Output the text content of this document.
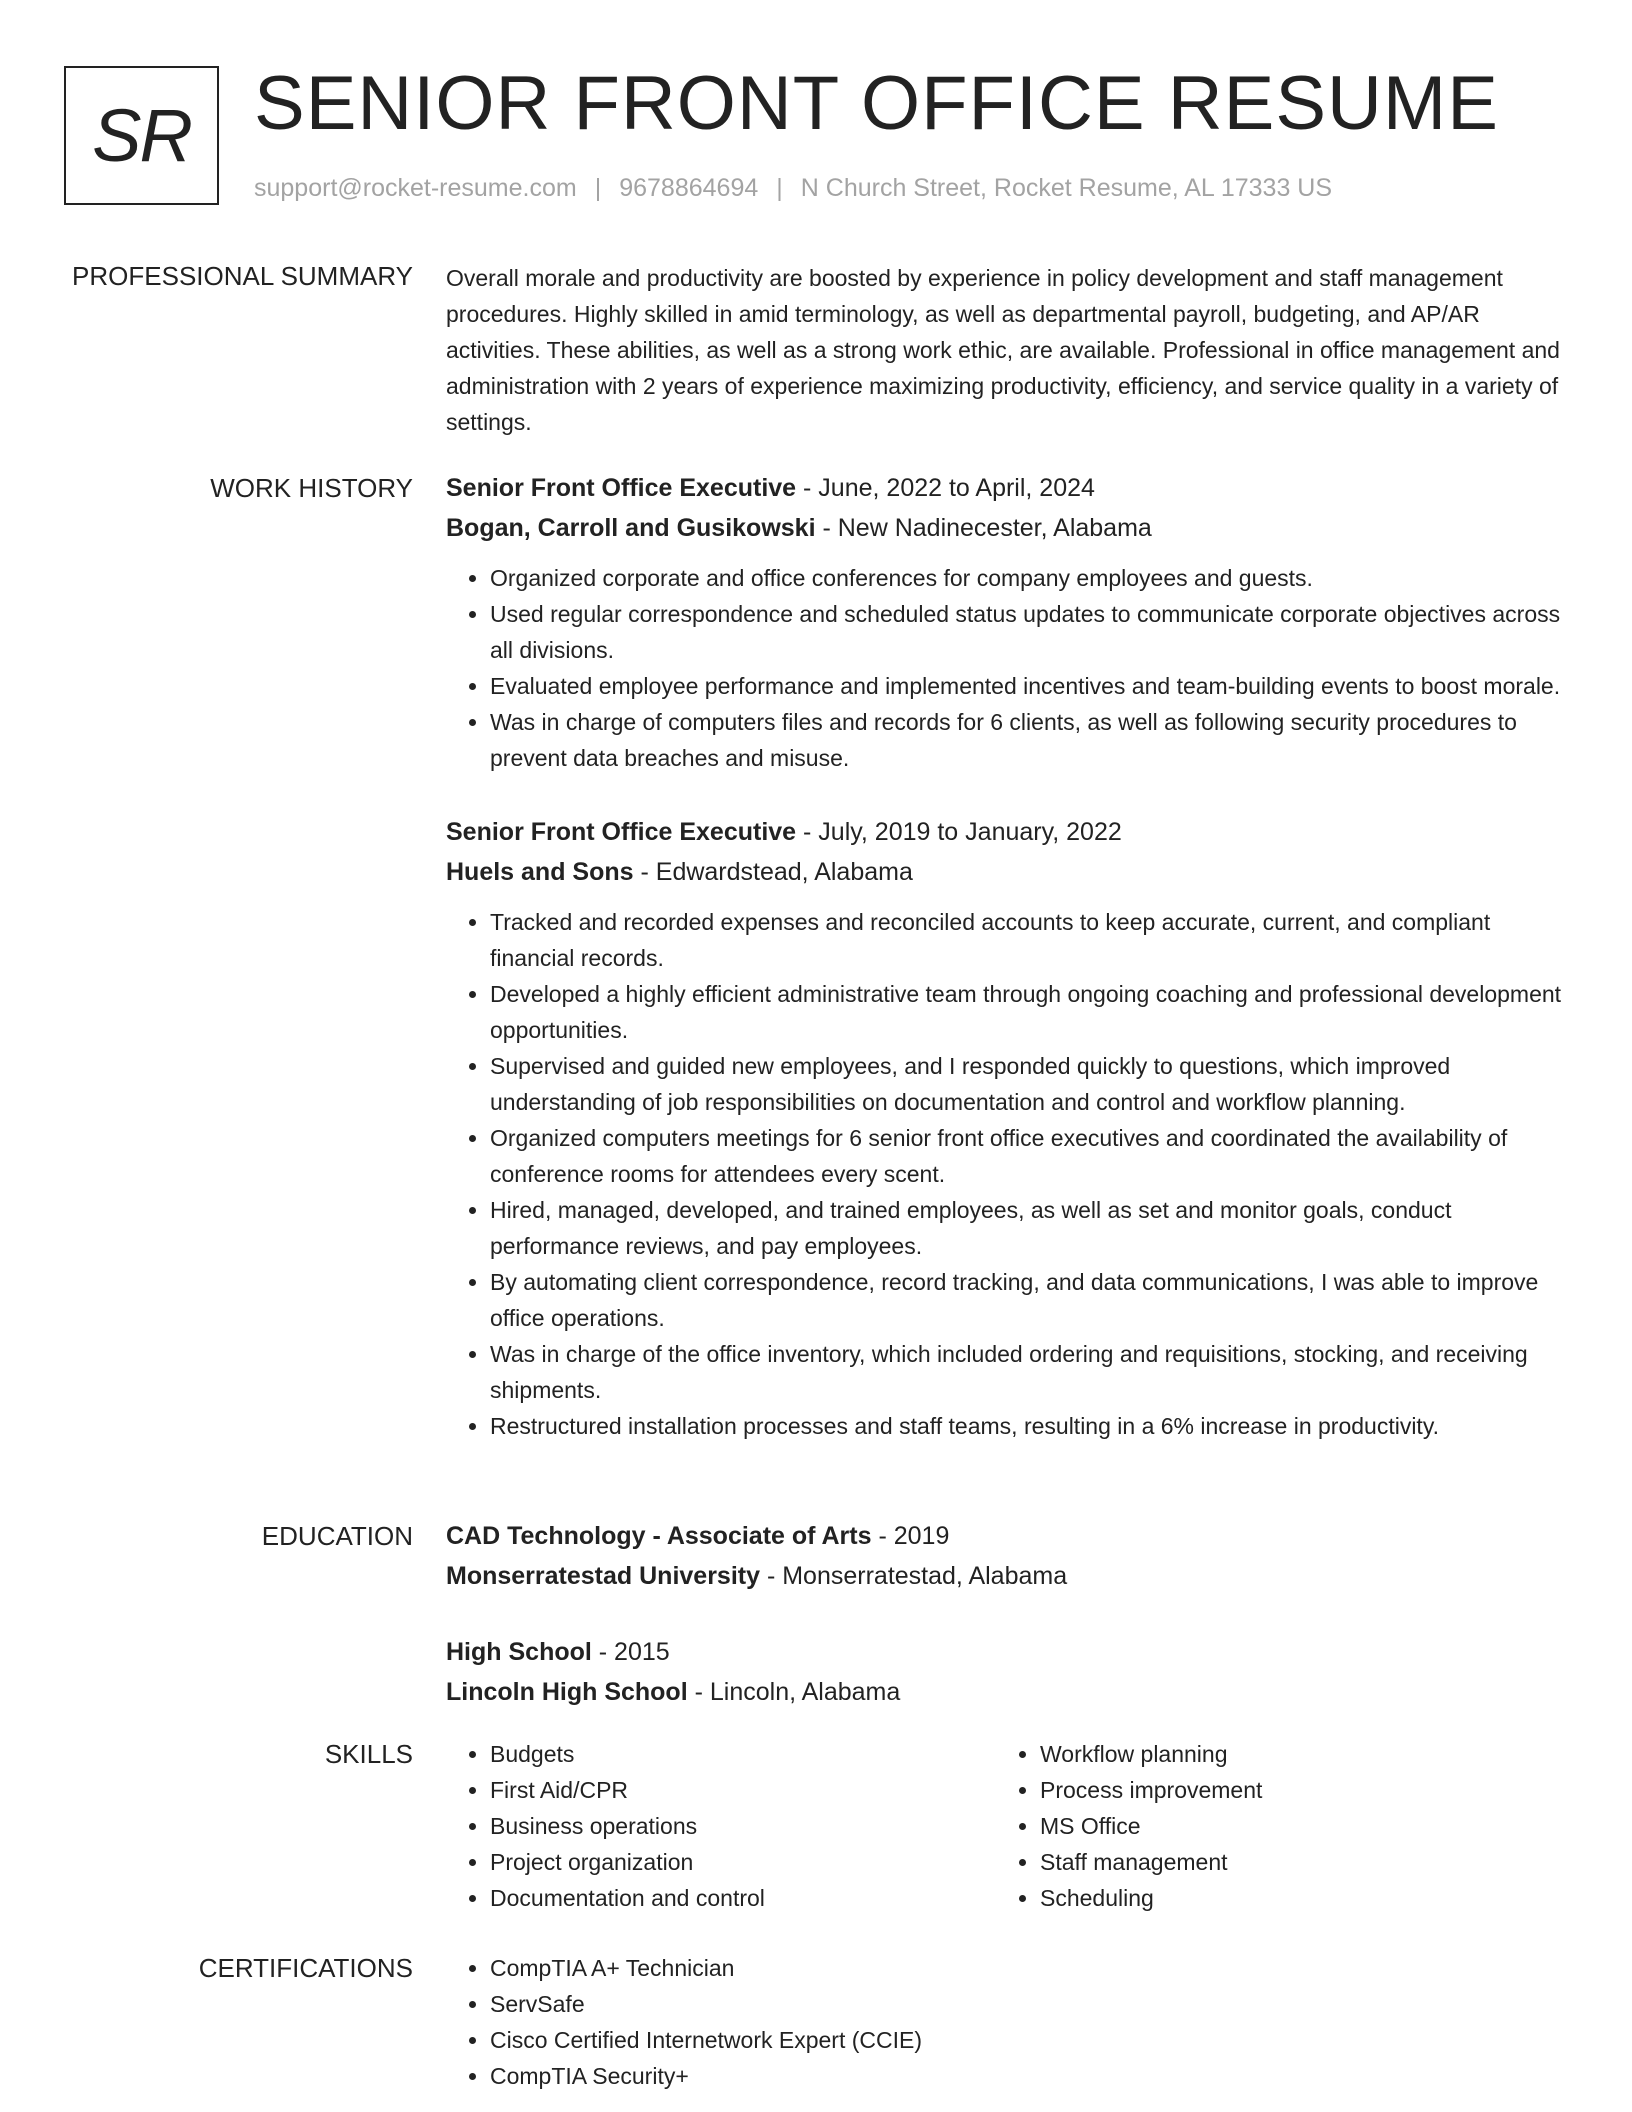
SR SENIOR FRONT OFFICE RESUME
support@rocket-resume.com | 9678864694 | N Church Street, Rocket Resume, AL 17333 US
PROFESSIONAL SUMMARY Overall morale and productivity are boosted by experience in policy development and staff management procedures. Highly skilled in amid terminology, as well as departmental payroll, budgeting, and AP/AR activities. These abilities, as well as a strong work ethic, are available. Professional in office management and administration with 2 years of experience maximizing productivity, efficiency, and service quality in a variety of settings.

WORK HISTORY Senior Front Office Executive - June, 2022 to April, 2024
Bogan, Carroll and Gusikowski - New Nadinecester, Alabama
• Organized corporate and office conferences for company employees and guests.
• Used regular correspondence and scheduled status updates to communicate corporate objectives across all divisions.
• Evaluated employee performance and implemented incentives and team-building events to boost morale.
• Was in charge of computers files and records for 6 clients, as well as following security procedures to prevent data breaches and misuse.
Senior Front Office Executive - July, 2019 to January, 2022
Huels and Sons - Edwardstead, Alabama
• Tracked and recorded expenses and reconciled accounts to keep accurate, current, and compliant financial records.
• Developed a highly efficient administrative team through ongoing coaching and professional development opportunities.
• Supervised and guided new employees, and I responded quickly to questions, which improved understanding of job responsibilities on documentation and control and workflow planning.
• Organized computers meetings for 6 senior front office executives and coordinated the availability of conference rooms for attendees every scent.
• Hired, managed, developed, and trained employees, as well as set and monitor goals, conduct performance reviews, and pay employees.
• By automating client correspondence, record tracking, and data communications, I was able to improve office operations.
• Was in charge of the office inventory, which included ordering and requisitions, stocking, and receiving shipments.
• Restructured installation processes and staff teams, resulting in a 6% increase in productivity.
EDUCATION CAD Technology - Associate of Arts - 2019
Monserratestad University - Monserratestad, Alabama
High School - 2015
Lincoln High School - Lincoln, Alabama
SKILLS	• Budgets
• First Aid/CPR
• Business operations
• Project organization
• Documentation and control
• Workflow planning
• Process improvement
• MS Office
• Staff management
• Scheduling
CERTIFICATIONS	• CompTIA A+ Technician
• ServSafe
• Cisco Certified Internetwork Expert (CCIE)
• CompTIA Security+
